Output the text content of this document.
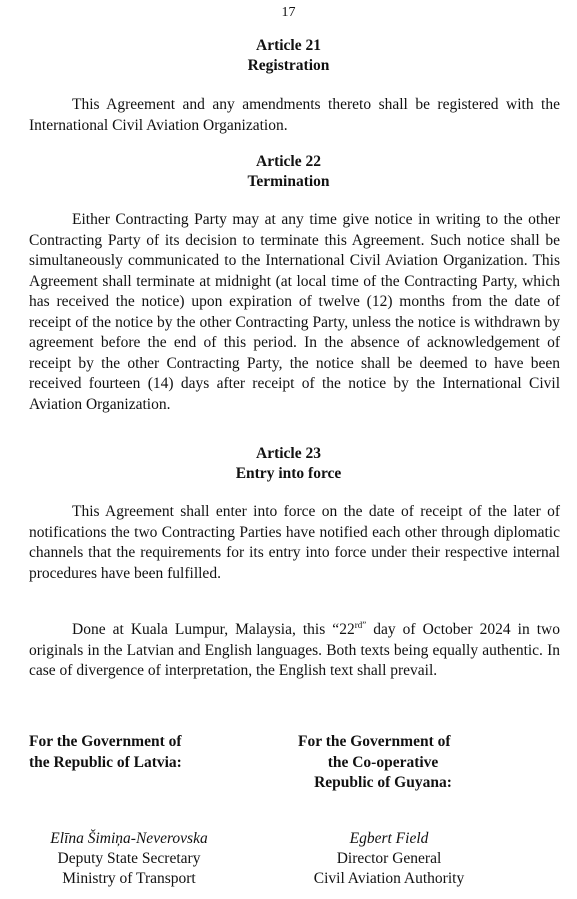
17
Article 21
Registration
This Agreement and any amendments thereto shall be registered with the International Civil Aviation Organization.
Article 22
Termination
Either Contracting Party may at any time give notice in writing to the other Contracting Party of its decision to terminate this Agreement. Such notice shall be simultaneously communicated to the International Civil Aviation Organization. This Agreement shall terminate at midnight (at local time of the Contracting Party, which has received the notice) upon expiration of twelve (12) months from the date of receipt of the notice by the other Contracting Party, unless the notice is withdrawn by agreement before the end of this period. In the absence of acknowledgement of receipt by the other Contracting Party, the notice shall be deemed to have been received fourteen (14) days after receipt of the notice by the International Civil Aviation Organization.
Article 23
Entry into force
This Agreement shall enter into force on the date of receipt of the later of notifications the two Contracting Parties have notified each other through diplomatic channels that the requirements for its entry into force under their respective internal procedures have been fulfilled.
Done at Kuala Lumpur, Malaysia, this “$22^{rd”}$ day of October 2024 in two originals in the Latvian and English languages. Both texts being equally authentic. In case of divergence of interpretation, the English text shall prevail.
For the Government of
the Republic of Latvia:
For the Government of
the Co-operative
Republic of Guyana:
Elīna Šimiņa-Neverovska
Deputy State Secretary
Ministry of Transport
Egbert Field
Director General
Civil Aviation Authority
